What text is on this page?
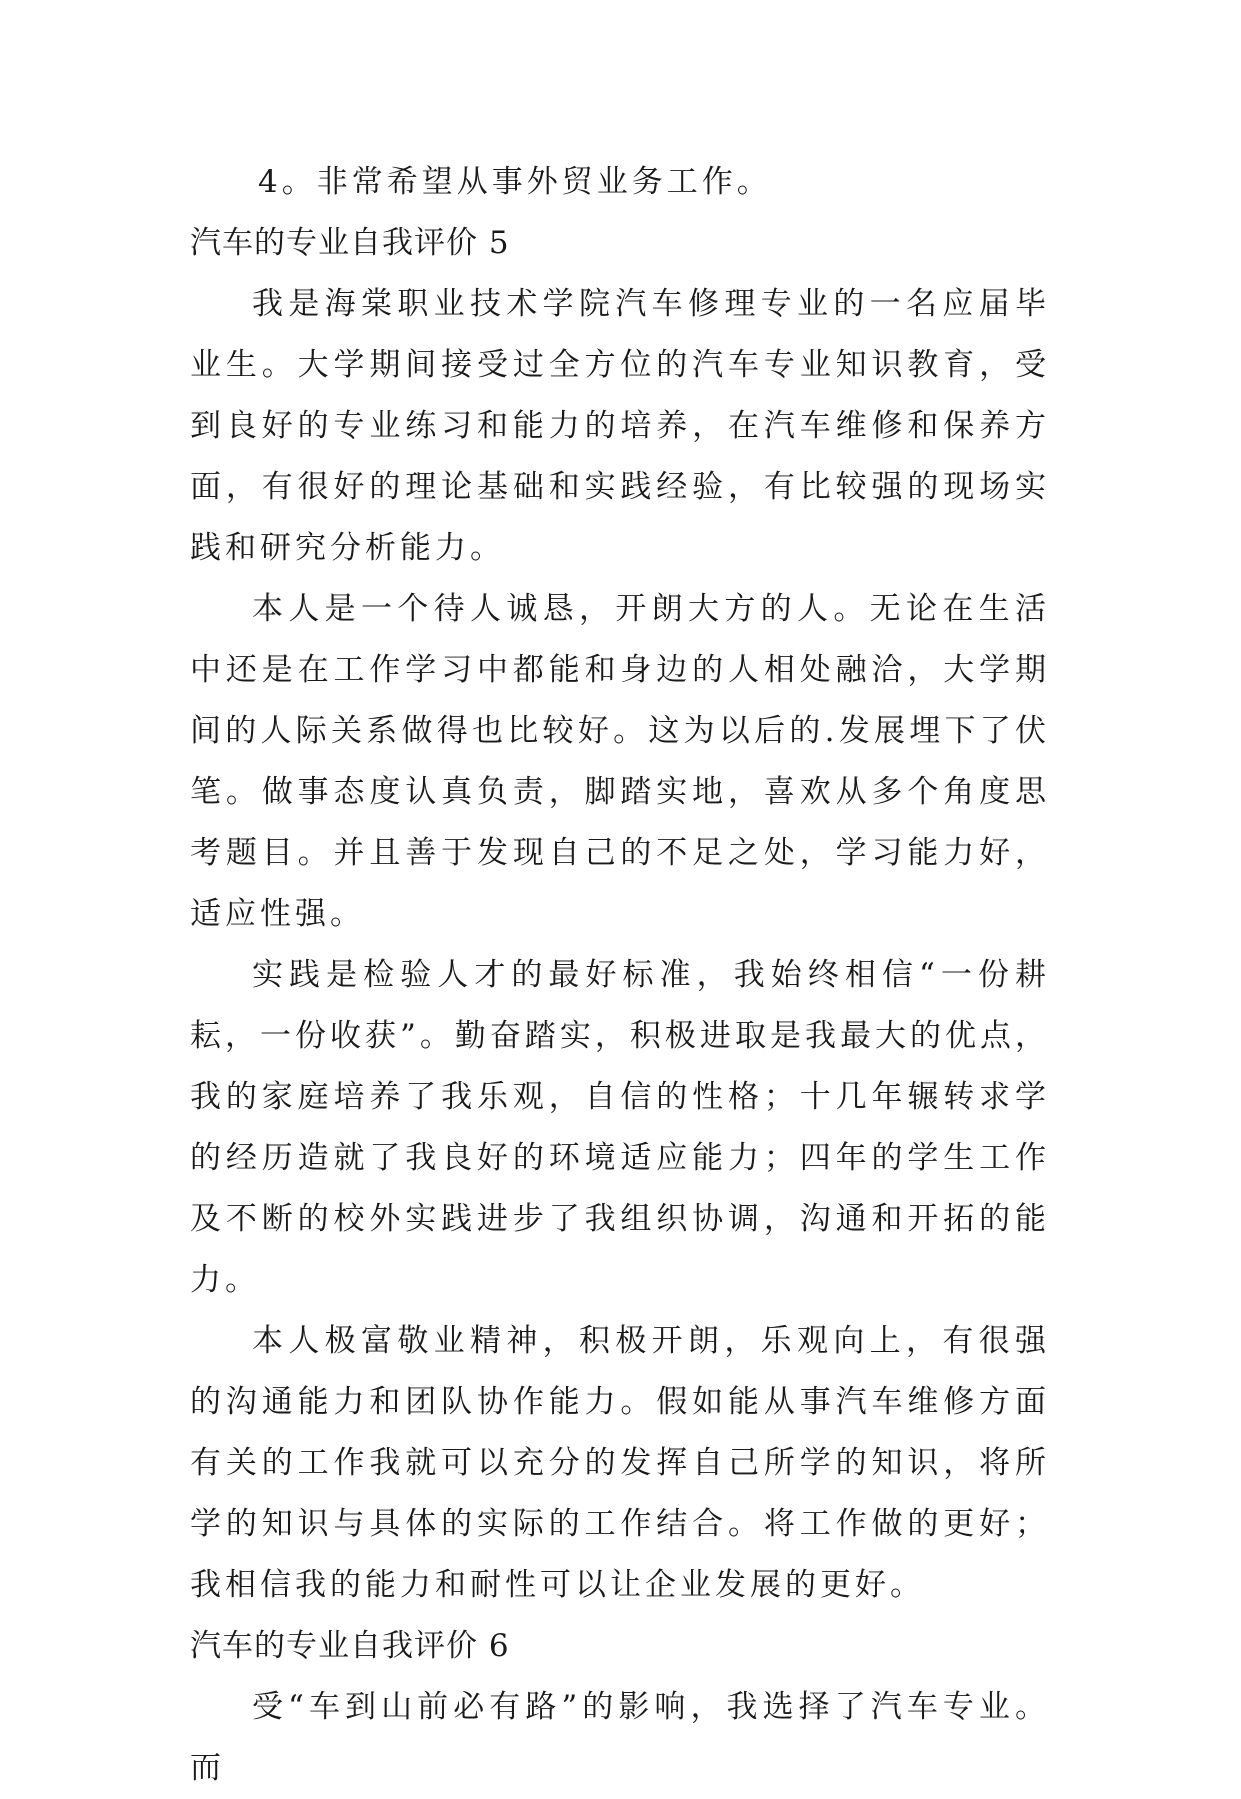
4。非常希望从事外贸业务工作。

汽车的专业自我评价 5

我是海棠职业技术学院汽车修理专业的一名应届毕业生。大学期间接受过全方位的汽车专业知识教育，受到良好的专业练习和能力的培养，在汽车维修和保养方面，有很好的理论基础和实践经验，有比较强的现场实践和研究分析能力。

本人是一个待人诚恳，开朗大方的人。无论在生活中还是在工作学习中都能和身边的人相处融洽，大学期间的人际关系做得也比较好。这为以后的.发展埋下了伏笔。做事态度认真负责，脚踏实地，喜欢从多个角度思考题目。并且善于发现自己的不足之处，学习能力好，适应性强。

实践是检验人才的最好标准，我始终相信“一份耕耘，一份收获”。勤奋踏实，积极进取是我最大的优点，我的家庭培养了我乐观，自信的性格；十几年辗转求学的经历造就了我良好的环境适应能力；四年的学生工作及不断的校外实践进步了我组织协调，沟通和开拓的能力。

本人极富敬业精神，积极开朗，乐观向上，有很强的沟通能力和团队协作能力。假如能从事汽车维修方面有关的工作我就可以充分的发挥自己所学的知识，将所学的知识与具体的实际的工作结合。将工作做的更好；我相信我的能力和耐性可以让企业发展的更好。

汽车的专业自我评价 6

受“车到山前必有路”的影响，我选择了汽车专业。而
